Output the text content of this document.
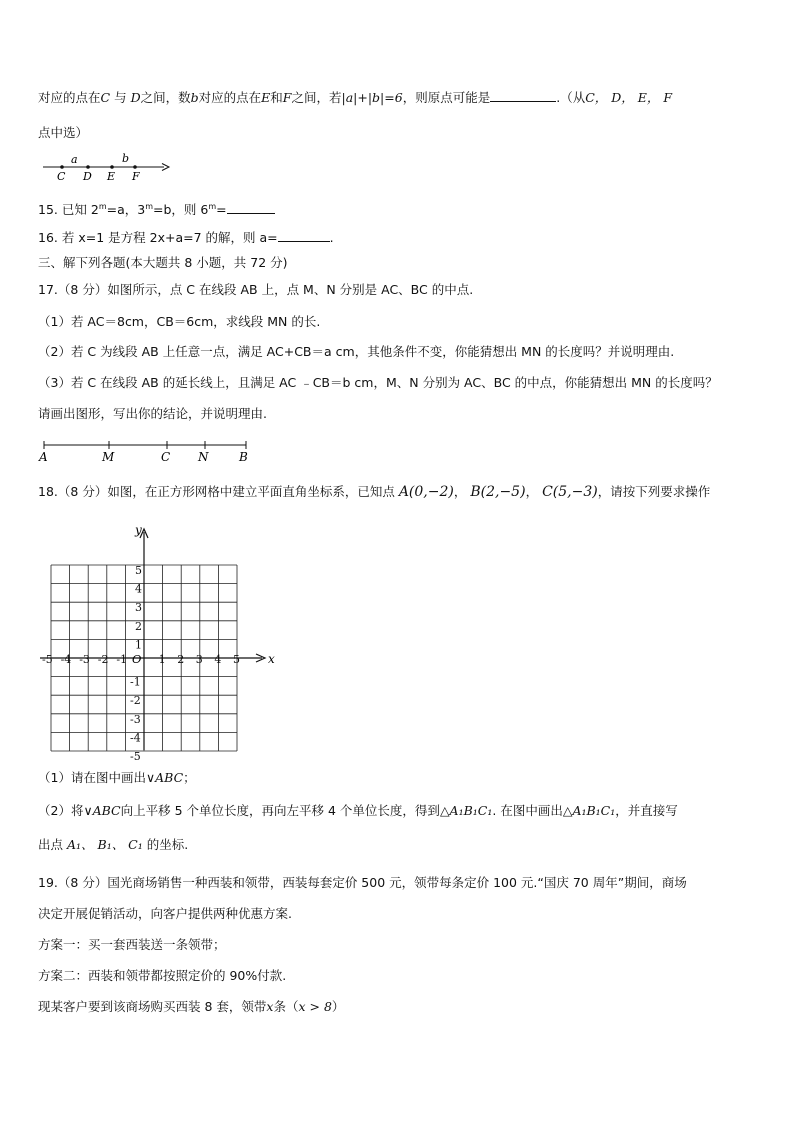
对应的点在C 与 D之间，数b对应的点在E和F之间，若|a|+|b|=6，则原点可能是	.（从C， D， E， F
点中选）
a	b
C D E F
15. 已知 $2^m=a$，$3^m=b$，则 $6^m=$
16. 若 x=1 是方程 2x+a=7 的解，则 a=	.
三、解下列各题(本大题共 8 小题，共 72 分)
17.（8 分）如图所示，点 C 在线段 AB 上，点 M、N 分别是 AC、BC 的中点.
（1）若 AC＝8cm，CB＝6cm，求线段 MN 的长.
（2）若 C 为线段 AB 上任意一点，满足 AC+CB＝a cm，其他条件不变，你能猜想出 MN 的长度吗？并说明理由.
（3）若 C 在线段 AB 的延长线上，且满足 AC ﹣CB＝b cm，M、N 分别为 AC、BC 的中点，你能猜想出 MN 的长度吗？
请画出图形，写出你的结论，并说明理由.
A	M	C N	B
18.（8 分）如图，在正方形网格中建立平面直角坐标系，已知点 A(0,−2)， B(2,−5)， C(5,−3)，请按下列要求操作
x
y
O
-5 -4 -3 -2 -1	1 2 3 4 5
5
4
3
2
1
-1
-2
-3
-4
-5
（1）请在图中画出∨ABC；
（2）将∨ABC向上平移 5 个单位长度，再向左平移 4 个单位长度，得到△A₁B₁C₁. 在图中画出△A₁B₁C₁，并直接写
出点 A₁、 B₁、 C₁ 的坐标.
19.（8 分）国光商场销售一种西装和领带，西装每套定价 500 元，领带每条定价 100 元.“国庆 70 周年”期间，商场
决定开展促销活动，向客户提供两种优惠方案.
方案一：买一套西装送一条领带；
方案二：西装和领带都按照定价的 90%付款.
现某客户要到该商场购买西装 8 套，领带x条（x > 8）
